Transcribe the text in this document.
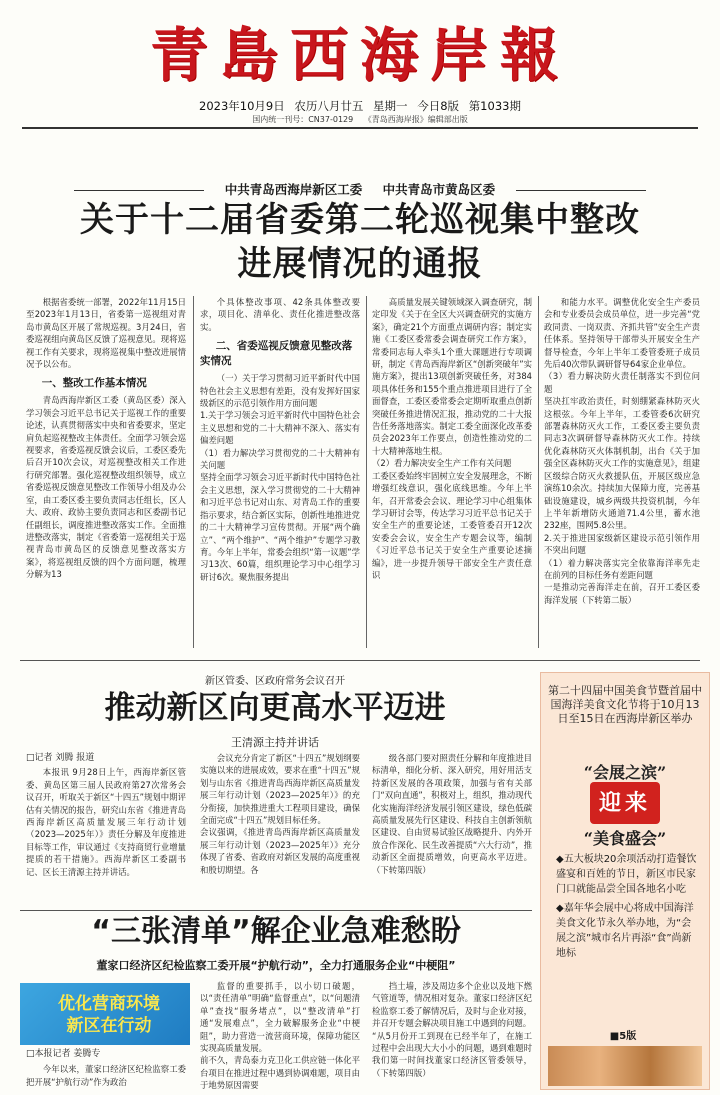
青島西海岸報
2023年10月9日 农历八月廿五 星期一 今日8版 第1033期
国内统一刊号：CN37-0129 《青岛西海岸报》编辑部出版
中共青岛西海岸新区工委 中共青岛市黄岛区委
关于十二届省委第二轮巡视集中整改
进展情况的通报

根据省委统一部署，2022年11月15日至2023年1月13日，省委第一巡视组对青岛市黄岛区开展了常规巡视。3月24日，省委巡视组向黄岛区反馈了巡视意见。现将巡视工作有关要求，现将巡视集中整改进展情况予以公布。

一、整改工作基本情况

青岛西海岸新区工委（黄岛区委）深入学习领会习近平总书记关于巡视工作的重要论述，认真贯彻落实中央和省委要求，坚定肩负起巡视整改主体责任。全面学习领会巡视要求，省委巡视反馈会议后，工委区委先后召开10次会议，对巡视整改相关工作进行研究部署。强化巡视整改组织领导，成立省委巡视反馈意见整改工作领导小组及办公室，由工委区委主要负责同志任组长，区人大、政府、政协主要负责同志和区委副书记任副组长，调度推进整改落实工作。全面推进整改落实，制定《省委第一巡视组关于巡视青岛市黄岛区的反馈意见整改落实方案》，将巡视组反馈的四个方面问题，梳理分解为13

个具体整改事项、42条具体整改要求，项目化、清单化、责任化推进整改落实。

二、省委巡视反馈意见整改落实情况

（一）关于学习贯彻习近平新时代中国特色社会主义思想有差距，没有发挥好国家级新区的示范引领作用方面问题
1.关于学习领会习近平新时代中国特色社会主义思想和党的二十大精神不深入、落实有偏差问题
（1）看力解决学习贯彻党的二十大精神有关问题
坚持全面学习领会习近平新时代中国特色社会主义思想，深入学习贯彻党的二十大精神和习近平总书记对山东、对青岛工作的重要指示要求，结合新区实际，创新性地推进党的二十大精神学习宣传贯彻。开展“两个确立”、“两个维护”、“两个维护”专题学习教育。今年上半年，常委会组织“第一议题”学习13次、60篇，组织理论学习中心组学习研讨6次。聚焦服务提出

高质量发展关键领域深入调查研究，制定印发《关于在全区大兴调查研究的实施方案》，确定21个方面重点调研内容；制定实施《工委区委常委会调查研究工作方案》，常委同志每人牵头1个重大课题进行专项调研，制定《青岛西海岸新区“创新突破年”实施方案》，提出13项创新突破任务，对384项具体任务和155个重点推进项目进行了全面督查，工委区委常委会定期听取重点创新突破任务推进情况汇报，推动党的二十大报告任务落地落实。制定工委全面深化改革委员会2023年工作要点，创造性推动党的二十大精神落地生根。
（2）看力解决安全生产工作有关问题
工委区委始终牢固树立安全发展理念，不断增强红线意识，强化底线思维。今年上半年，召开常委会会议、理论学习中心组集体学习研讨会等，传达学习习近平总书记关于安全生产的重要论述，工委管委召开12次安委会会议，安全生产专题会议等，编制《习近平总书记关于安全生产重要论述摘编》，进一步提升领导干部安全生产责任意识

和能力水平。调整优化安全生产委员会和专业委员会成员单位，进一步完善“党政同责、一岗双责、齐抓共管”安全生产责任体系。坚持领导干部带头开展安全生产督导检查，今年上半年工委管委班子成员先后40次带队调研督导64家企业单位。
（3）看力解决防火责任制落实不到位问题
坚决扛牢政治责任，时刻绷紧森林防灭火这根弦。今年上半年，工委管委6次研究部署森林防灭火工作，工委区委主要负责同志3次调研督导森林防灭火工作。持续优化森林防灭火体制机制，出台《关于加强全区森林防灭火工作的实施意见》，组建区级综合防灭火救援队伍，开展区级应急演练10余次。持续加大保障力度，完善基础设施建设，城乡两级共投资机制，今年上半年新增防火通道71.4公里，蓄水池232座，围网5.8公里。
2.关于推进国家级新区建设示范引领作用不突出问题
（1）着力解决落实完全依靠海洋率先走在前列的目标任务有差距问题
一是推动完善海洋走在前，召开工委区委海洋发展（下转第二版）

新区管委、区政府常务会议召开
推动新区向更高水平迈进
王清源主持并讲话
□记者 刘腾 报道

本报讯 9月28日上午，西海岸新区管委、黄岛区第三届人民政府第27次常务会议召开，听取关于新区“十四五”规划中期评估有关情况的报告，研究山东省《推进青岛西海岸新区高质量发展三年行动计划（2023—2025年）》责任分解及年度推进目标等工作，审议通过《支持商贸行业增量提质的若干措施》。西海岸新区工委副书记、区长王清源主持并讲话。

会议充分肯定了新区“十四五”规划纲要实施以来的进展成效，要求在重“十四五”规划与山东省《推进青岛西海岸新区高质量发展三年行动计划（2023—2025年）》的充分衔接，加快推进重大工程项目建设，确保全面完成“十四五”规划目标任务。
会议强调，《推进青岛西海岸新区高质量发展三年行动计划（2023—2025年）》充分体现了省委、省政府对新区发展的高度重视和殷切期望。各

级各部门要对照责任分解和年度推进目标清单，细化分析、深入研究，用好用活支持新区发展的各项政策，加强与省有关部门“双向直通”，积极对上，组织，推动现代化实施海洋经济发展引领区建设，绿色低碳高质量发展先行区建设、科技自主创新领航区建设、自由贸易试验区战略提升、内外开放合作深化、民生改善提质“六大行动”，推动新区全面提质增效，向更高水平迈进。（下转第四版）

“三张清单”解企业急难愁盼
董家口经济区纪检监察工委开展“护航行动”，全力打通服务企业“中梗阻”
优化营商环境
新区在行动
□本报记者 姜腾专

今年以来，董家口经济区纪检监察工委把开展“护航行动”作为政治

监督的重要抓手，以小切口破题，以“责任清单”明确“监督重点”，以“问题清单”查找“服务堵点”，以“整改清单”打通“发展难点”，全力破解服务企业“中梗阻”，助力营造一流营商环境，保障功能区实现高质量发展。
前不久，青岛泰力克卫化工供应链一体化平台项目在推进过程中遇到协调难题，项目由于地势原因需要

挡土墙，涉及周边多个企业以及地下燃气管道等，情况相对复杂。董家口经济区纪检监察工委了解情况后，及时与企业对接，并召开专题会解决项目施工中遇到的问题。
“从5月份开工到现在已经半年了，在施工过程中会出现大大小小的问题，遇到难题时我们第一时间找董家口经济区管委领导，（下转第四版）

第二十四届中国美食节暨首届中国海洋美食文化节将于10月13日至15日在西海岸新区举办
“会展之滨”
迎来
“美食盛会”

◆五大板块20余项活动打造餐饮盛宴和百姓的节日，新区市民家门口就能品尝全国各地名小吃

◆嘉年华会展中心将成中国海洋美食文化节永久举办地，为“会展之滨”城市名片再添“食”尚新地标

■5版
